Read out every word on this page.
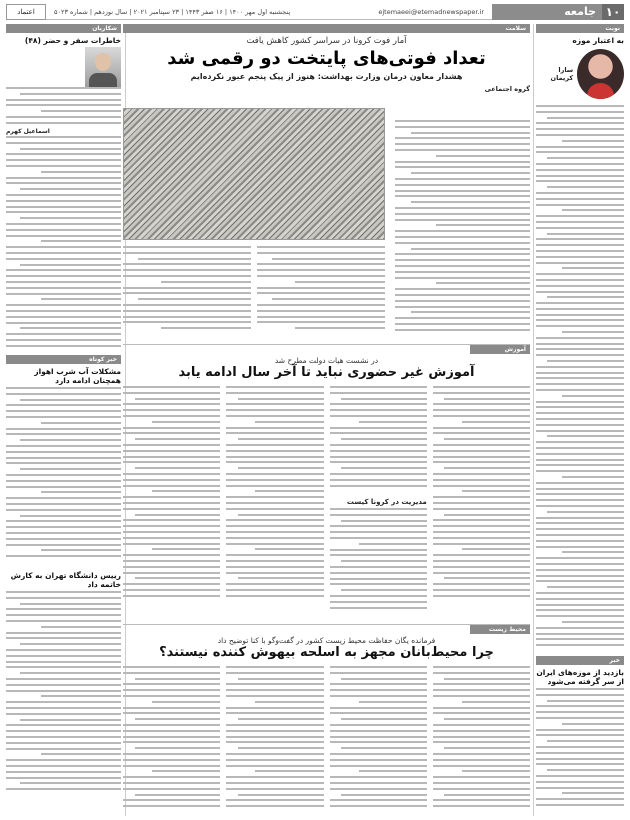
۱۰
جامعه
ejtemaeei@etemadnewspaper.ir
پنجشنبه اول مهر ۱۴۰۰ | ۱۶ صفر ۱۴۴۳ | ۲۳ سپتامبر ۲۰۲۱ | سال نوزدهم | شماره ۵۰۲۳
اعتماد
نوبت
به اعتبار موزه
سارا کریمان
خبر
بازدید از موزه‌های ایران از سر گرفته می‌شود
سلامت
آمار فوت کرونا در سراسر کشور کاهش یافت
تعداد فوتی‌های پایتخت دو رقمی شد
هشدار معاون درمان وزارت بهداشت: هنوز از پیک پنجم عبور نکرده‌ایم
گروه اجتماعی
آموزش
در نشست هیات دولت مطرح شد
آموزش غیر حضوری نباید تا آخر سال ادامه یابد
مدیریت در کرونا کیست
محیط زیست
فرمانده یگان حفاظت محیط زیست کشور در گفت‌و‌گو با کنا توضیح داد
چرا محیط‌بانان مجهز به اسلحه بیهوش کننده نیستند؟
شکاریان
خاطرات سفر و حضر (۴۸)
اسماعیل کهرم
خبر کوتاه
مشکلات آب شرب اهواز همچنان ادامه دارد
رییس دانشگاه تهران به کارش خاتمه داد
